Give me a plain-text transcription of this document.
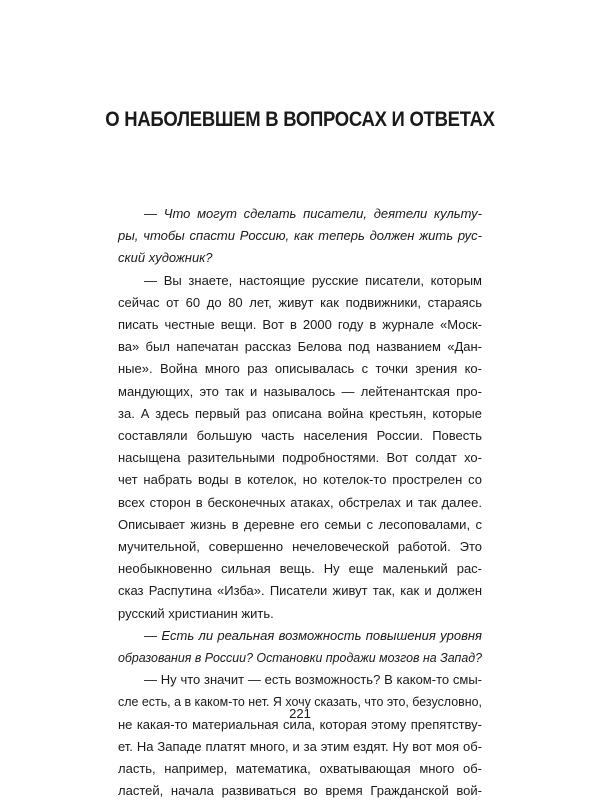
О НАБОЛЕВШЕМ В ВОПРОСАХ И ОТВЕТАХ

— Что могут сделать писатели, деятели культу-
ры, чтобы спасти Россию, как теперь должен жить рус-
ский художник?

— Вы знаете, настоящие русские писатели, которым
сейчас от 60 до 80 лет, живут как подвижники, стараясь
писать честные вещи. Вот в 2000 году в журнале «Моск-
ва» был напечатан рассказ Белова под названием «Дан-
ные». Война много раз описывалась с точки зрения ко-
мандующих, это так и называлось — лейтенантская про-
за. А здесь первый раз описана война крестьян, которые
составляли большую часть населения России. Повесть
насыщена разительными подробностями. Вот солдат хо-
чет набрать воды в котелок, но котелок-то прострелен со
всех сторон в бесконечных атаках, обстрелах и так далее.
Описывает жизнь в деревне его семьи с лесоповалами, с
мучительной, совершенно нечеловеческой работой. Это
необыкновенно сильная вещь. Ну еще маленький рас-
сказ Распутина «Изба». Писатели живут так, как и должен
русский христианин жить.

— Есть ли реальная возможность повышения уровня
образования в России? Остановки продажи мозгов на Запад?

— Ну что значит — есть возможность? В каком-то смы-
сле есть, а в каком-то нет. Я хочу сказать, что это, безусловно,
не какая-то материальная сила, которая этому препятству-
ет. На Западе платят много, и за этим ездят. Ну вот моя об-
ласть, например, математика, охватывающая много об-
ластей, начала развиваться во время Гражданской вой-

221
